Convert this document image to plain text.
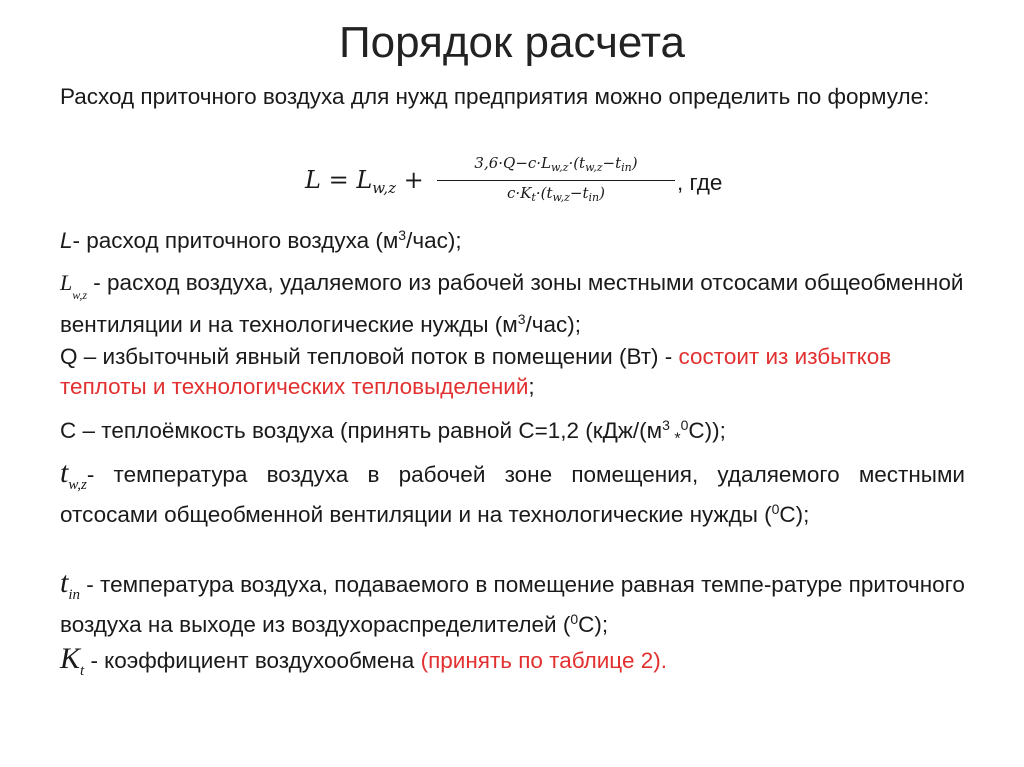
Порядок расчета
Расход приточного воздуха для нужд предприятия можно определить по формуле:
$L = L_{w,z}$ +
$3,6\cdot Q-c\cdot L_{w,z}\cdot(t_{w,z}-t_{in})$
$c\cdot K_t\cdot(t_{w,z}-t_{in})$	, где
L- расход приточного воздуха $(м^3/час)$;
$L_{w,z}$ - расход воздуха, удаляемого из рабочей зоны местными отсосами общеобменной вентиляции и на технологические нужды $(м^3/час)$;
Q – избыточный явный тепловой поток в помещении (Вт) - состоит из избытков теплоты и технологических тепловыделений;
С – теплоёмкость воздуха (принять равной С=1,2 ($кДж/(м^3$ $_*^0$С));
$t_{w,z}-$ температура воздуха в рабочей зоне помещения, удаляемого местными отсосами общеобменной вентиляции и на технологические нужды ($^0$С);
$t_{in}$ - температура воздуха, подаваемого в помещение равная темпе-ратуре приточного воздуха на выходе из воздухораспределителей ($^0$С);
$K_t$ - коэффициент воздухообмена (принять по таблице 2).
